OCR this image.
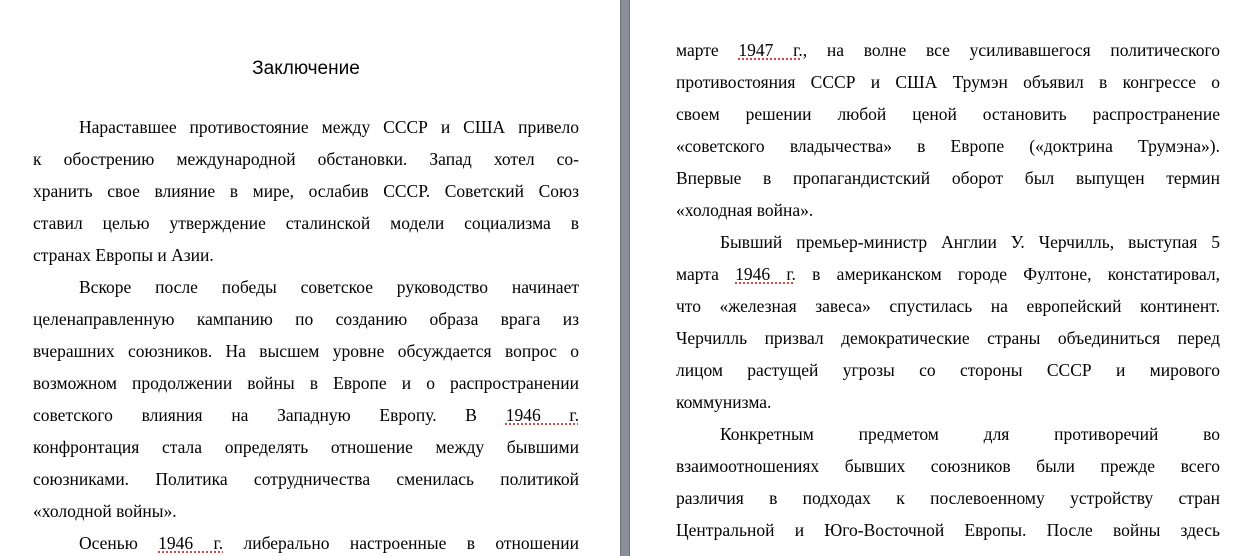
Заключение
Нараставшее противостояние между СССР и США привело
к обострению международной обстановки. Запад хотел со-
хранить свое влияние в мире, ослабив СССР. Советский Союз
ставил целью утверждение сталинской модели социализма в
странах Европы и Азии.
Вскоре после победы советское руководство начинает
целенаправленную кампанию по созданию образа врага из
вчерашних союзников. На высшем уровне обсуждается вопрос о
возможном продолжении войны в Европе и о распространении
советского влияния на Западную Европу. В 1946 г.
конфронтация стала определять отношение между бывшими
союзниками. Политика сотрудничества сменилась политикой
«холодной войны».
Осенью 1946 г. либерально настроенные в отношении
марте 1947 г., на волне все усиливавшегося политического
противостояния СССР и США Трумэн объявил в конгрессе о
своем решении любой ценой остановить распространение
«советского владычества» в Европе («доктрина Трумэна»).
Впервые в пропагандистский оборот был выпущен термин
«холодная война».
Бывший премьер-министр Англии У. Черчилль, выступая 5
марта 1946 г. в американском городе Фултоне, констатировал,
что «железная завеса» спустилась на европейский континент.
Черчилль призвал демократические страны объединиться перед
лицом растущей угрозы со стороны СССР и мирового
коммунизма.
Конкретным предметом для противоречий во
взаимоотношениях бывших союзников были прежде всего
различия в подходах к послевоенному устройству стран
Центральной и Юго-Восточной Европы. После войны здесь
